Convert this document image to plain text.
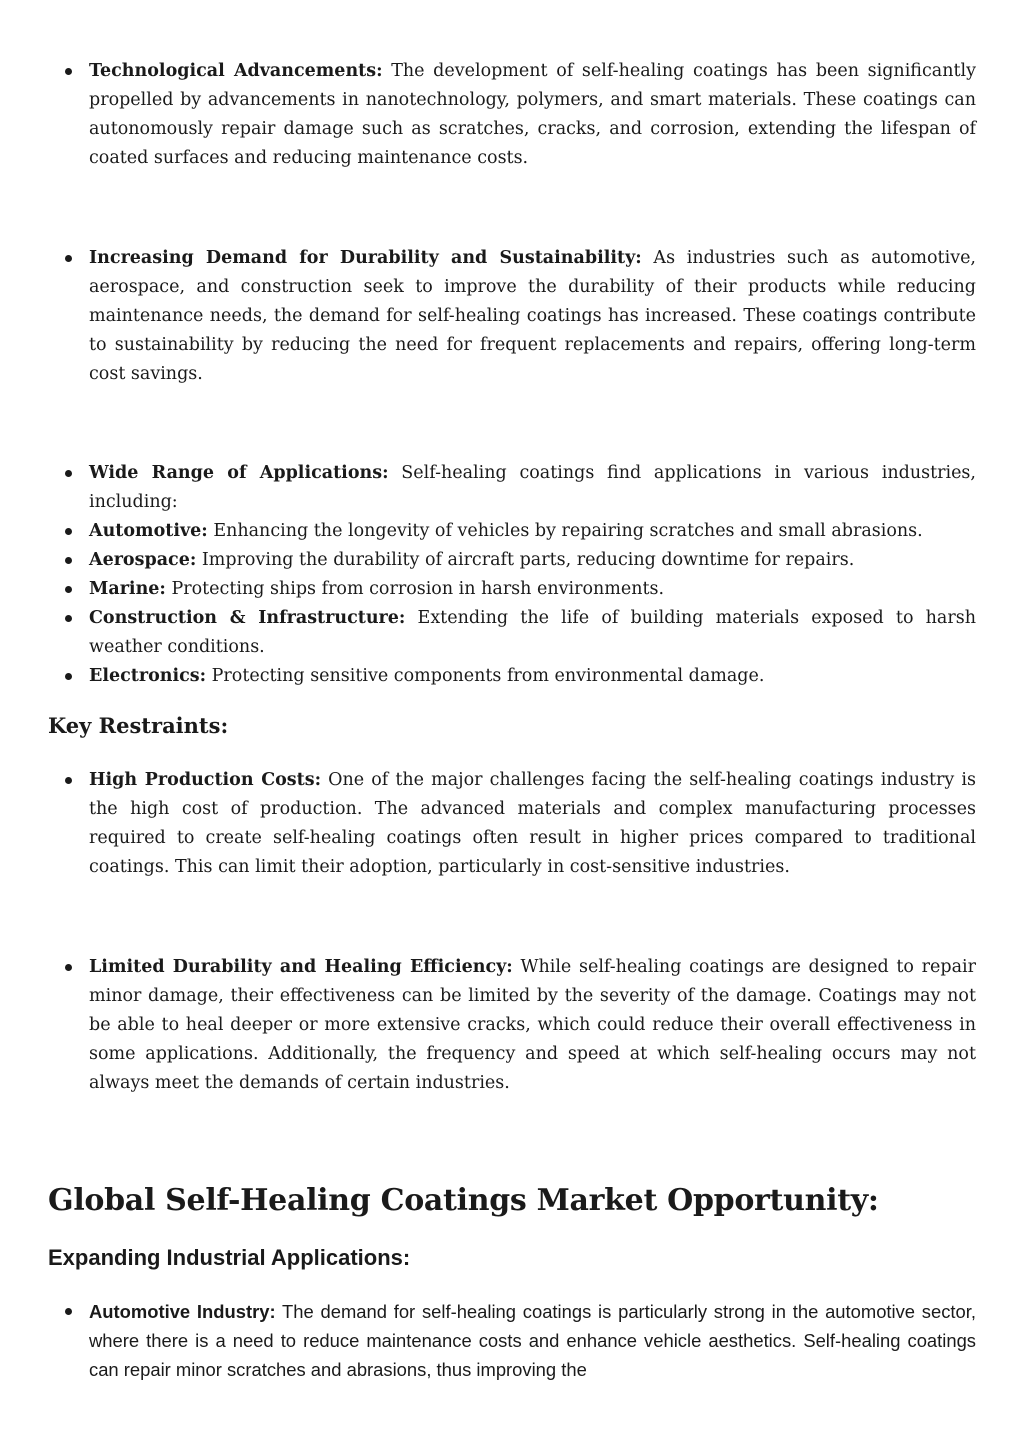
Technological Advancements: The development of self-healing coatings has been significantly propelled by advancements in nanotechnology, polymers, and smart materials. These coatings can autonomously repair damage such as scratches, cracks, and corrosion, extending the lifespan of coated surfaces and reducing maintenance costs.
Increasing Demand for Durability and Sustainability: As industries such as automotive, aerospace, and construction seek to improve the durability of their products while reducing maintenance needs, the demand for self-healing coatings has increased. These coatings contribute to sustainability by reducing the need for frequent replacements and repairs, offering long-term cost savings.
Wide Range of Applications: Self-healing coatings find applications in various industries, including:
Automotive: Enhancing the longevity of vehicles by repairing scratches and small abrasions.
Aerospace: Improving the durability of aircraft parts, reducing downtime for repairs.
Marine: Protecting ships from corrosion in harsh environments.
Construction & Infrastructure: Extending the life of building materials exposed to harsh weather conditions.
Electronics: Protecting sensitive components from environmental damage.
Key Restraints:
High Production Costs: One of the major challenges facing the self-healing coatings industry is the high cost of production. The advanced materials and complex manufacturing processes required to create self-healing coatings often result in higher prices compared to traditional coatings. This can limit their adoption, particularly in cost-sensitive industries.
Limited Durability and Healing Efficiency: While self-healing coatings are designed to repair minor damage, their effectiveness can be limited by the severity of the damage. Coatings may not be able to heal deeper or more extensive cracks, which could reduce their overall effectiveness in some applications. Additionally, the frequency and speed at which self-healing occurs may not always meet the demands of certain industries.
Global Self-Healing Coatings Market Opportunity:
Expanding Industrial Applications:
Automotive Industry: The demand for self-healing coatings is particularly strong in the automotive sector, where there is a need to reduce maintenance costs and enhance vehicle aesthetics. Self-healing coatings can repair minor scratches and abrasions, thus improving the
